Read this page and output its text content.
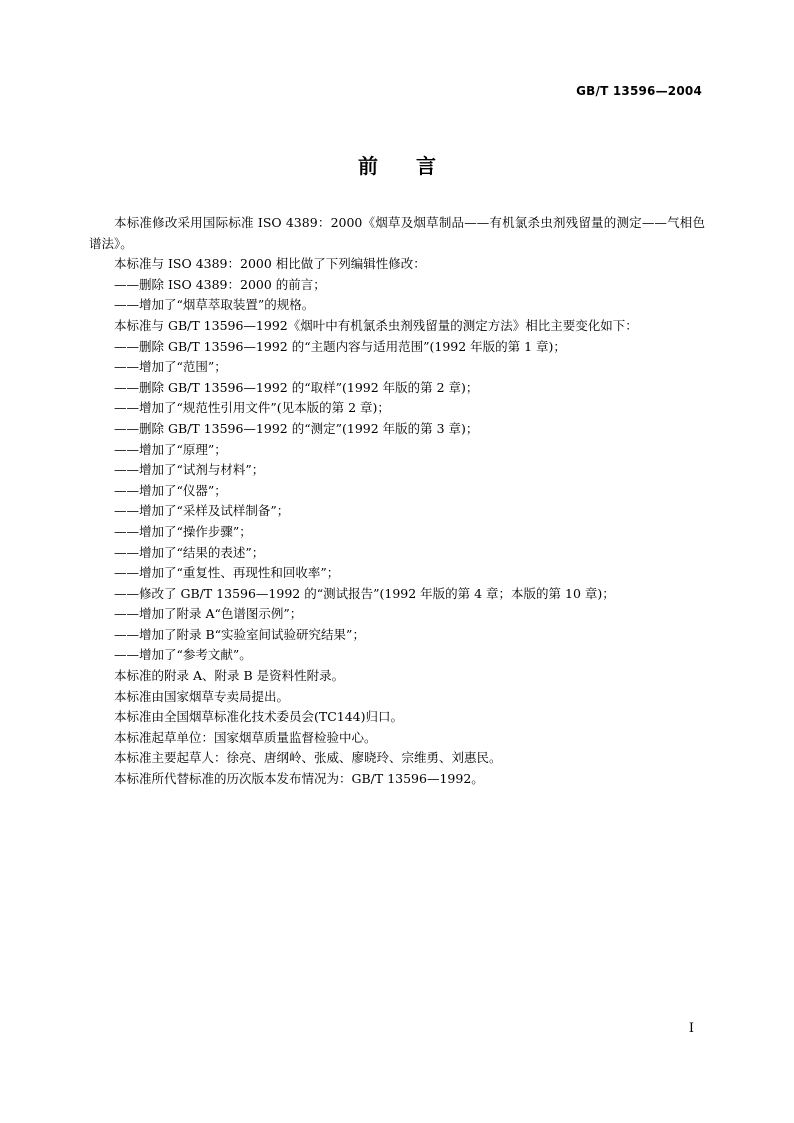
GB/T 13596—2004
前言

本标准修改采用国际标准 ISO 4389：2000《烟草及烟草制品——有机氯杀虫剂残留量的测定——气相色谱法》。

本标准与 ISO 4389：2000 相比做了下列编辑性修改：

——删除 ISO 4389：2000 的前言；

——增加了“烟草萃取装置”的规格。

本标准与 GB/T 13596—1992《烟叶中有机氯杀虫剂残留量的测定方法》相比主要变化如下：

——删除 GB/T 13596—1992 的“主题内容与适用范围”(1992 年版的第 1 章)；

——增加了“范围”；

——删除 GB/T 13596—1992 的“取样”(1992 年版的第 2 章)；

——增加了“规范性引用文件”(见本版的第 2 章)；

——删除 GB/T 13596—1992 的“测定”(1992 年版的第 3 章)；

——增加了“原理”；

——增加了“试剂与材料”；

——增加了“仪器”；

——增加了“采样及试样制备”；

——增加了“操作步骤”；

——增加了“结果的表述”；

——增加了“重复性、再现性和回收率”；

——修改了 GB/T 13596—1992 的“测试报告”(1992 年版的第 4 章；本版的第 10 章)；

——增加了附录 A“色谱图示例”；

——增加了附录 B“实验室间试验研究结果”；

——增加了“参考文献”。

本标准的附录 A、附录 B 是资料性附录。

本标准由国家烟草专卖局提出。

本标准由全国烟草标准化技术委员会(TC144)归口。

本标准起草单位：国家烟草质量监督检验中心。

本标准主要起草人：徐亮、唐纲岭、张威、廖晓玲、宗维勇、刘惠民。

本标准所代替标准的历次版本发布情况为：GB/T 13596—1992。

I
